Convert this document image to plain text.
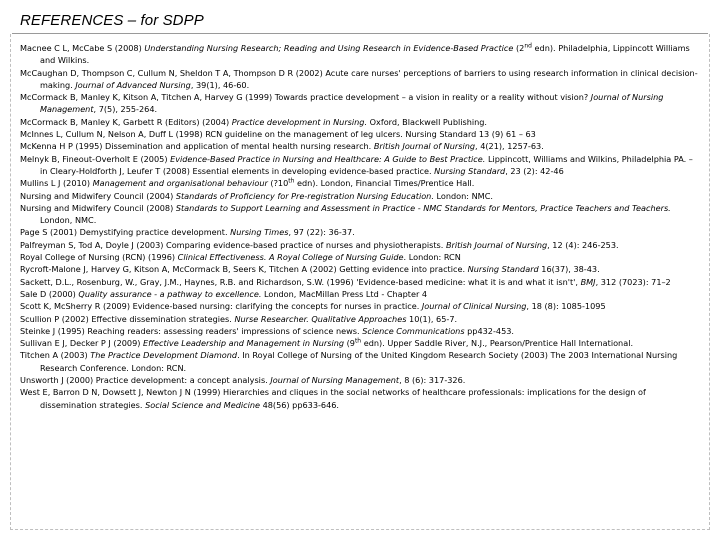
REFERENCES – for SDPP
Macnee C L, McCabe S (2008) Understanding Nursing Research; Reading and Using Research in Evidence-Based Practice (2nd edn). Philadelphia, Lippincott Williams and Wilkins.
McCaughan D, Thompson C, Cullum N, Sheldon T A, Thompson D R (2002) Acute care nurses' perceptions of barriers to using research information in clinical decision-making. Journal of Advanced Nursing, 39(1), 46-60.
McCormack B, Manley K, Kitson A, Titchen A, Harvey G (1999) Towards practice development – a vision in reality or a reality without vision? Journal of Nursing Management, 7(5), 255-264.
McCormack B, Manley K, Garbett R (Editors) (2004) Practice development in Nursing. Oxford, Blackwell Publishing.
McInnes L, Cullum N, Nelson A, Duff L (1998) RCN guideline on the management of leg ulcers. Nursing Standard 13 (9) 61 – 63
McKenna H P (1995) Dissemination and application of mental health nursing research. British Journal of Nursing, 4(21), 1257-63.
Melnyk B, Fineout-Overholt E (2005) Evidence-Based Practice in Nursing and Healthcare: A Guide to Best Practice. Lippincott, Williams and Wilkins, Philadelphia PA. – in Cleary-Holdforth J, Leufer T (2008) Essential elements in developing evidence-based practice. Nursing Standard, 23 (2): 42-46
Mullins L J (2010) Management and organisational behaviour (?10th edn). London, Financial Times/Prentice Hall.
Nursing and Midwifery Council (2004) Standards of Proficiency for Pre-registration Nursing Education. London: NMC.
Nursing and Midwifery Council (2008) Standards to Support Learning and Assessment in Practice - NMC Standards for Mentors, Practice Teachers and Teachers. London, NMC.
Page S (2001) Demystifying practice development. Nursing Times, 97 (22): 36-37.
Palfreyman S, Tod A, Doyle J (2003) Comparing evidence-based practice of nurses and physiotherapists. British Journal of Nursing, 12 (4): 246-253.
Royal College of Nursing (RCN) (1996) Clinical Effectiveness. A Royal College of Nursing Guide. London: RCN
Rycroft-Malone J, Harvey G, Kitson A, McCormack B, Seers K, Titchen A (2002) Getting evidence into practice. Nursing Standard 16(37), 38-43.
Sackett, D.L., Rosenburg, W., Gray, J.M., Haynes, R.B. and Richardson, S.W. (1996) 'Evidence-based medicine: what it is and what it isn't', BMJ, 312 (7023): 71–2
Sale D (2000) Quality assurance - a pathway to excellence. London, MacMillan Press Ltd - Chapter 4
Scott K, McSherry R (2009) Evidence-based nursing: clarifying the concepts for nurses in practice. Journal of Clinical Nursing, 18 (8): 1085-1095
Scullion P (2002) Effective dissemination strategies. Nurse Researcher. Qualitative Approaches 10(1), 65-7.
Steinke J (1995) Reaching readers: assessing readers' impressions of science news. Science Communications pp432-453.
Sullivan E J, Decker P J (2009) Effective Leadership and Management in Nursing (9th edn). Upper Saddle River, N.J., Pearson/Prentice Hall International.
Titchen A (2003) The Practice Development Diamond. In Royal College of Nursing of the United Kingdom Research Society (2003) The 2003 International Nursing Research Conference. London: RCN.
Unsworth J (2000) Practice development: a concept analysis. Journal of Nursing Management, 8 (6): 317-326.
West E, Barron D N, Dowsett J, Newton J N (1999) Hierarchies and cliques in the social networks of healthcare professionals: implications for the design of dissemination strategies. Social Science and Medicine 48(56) pp633-646.
